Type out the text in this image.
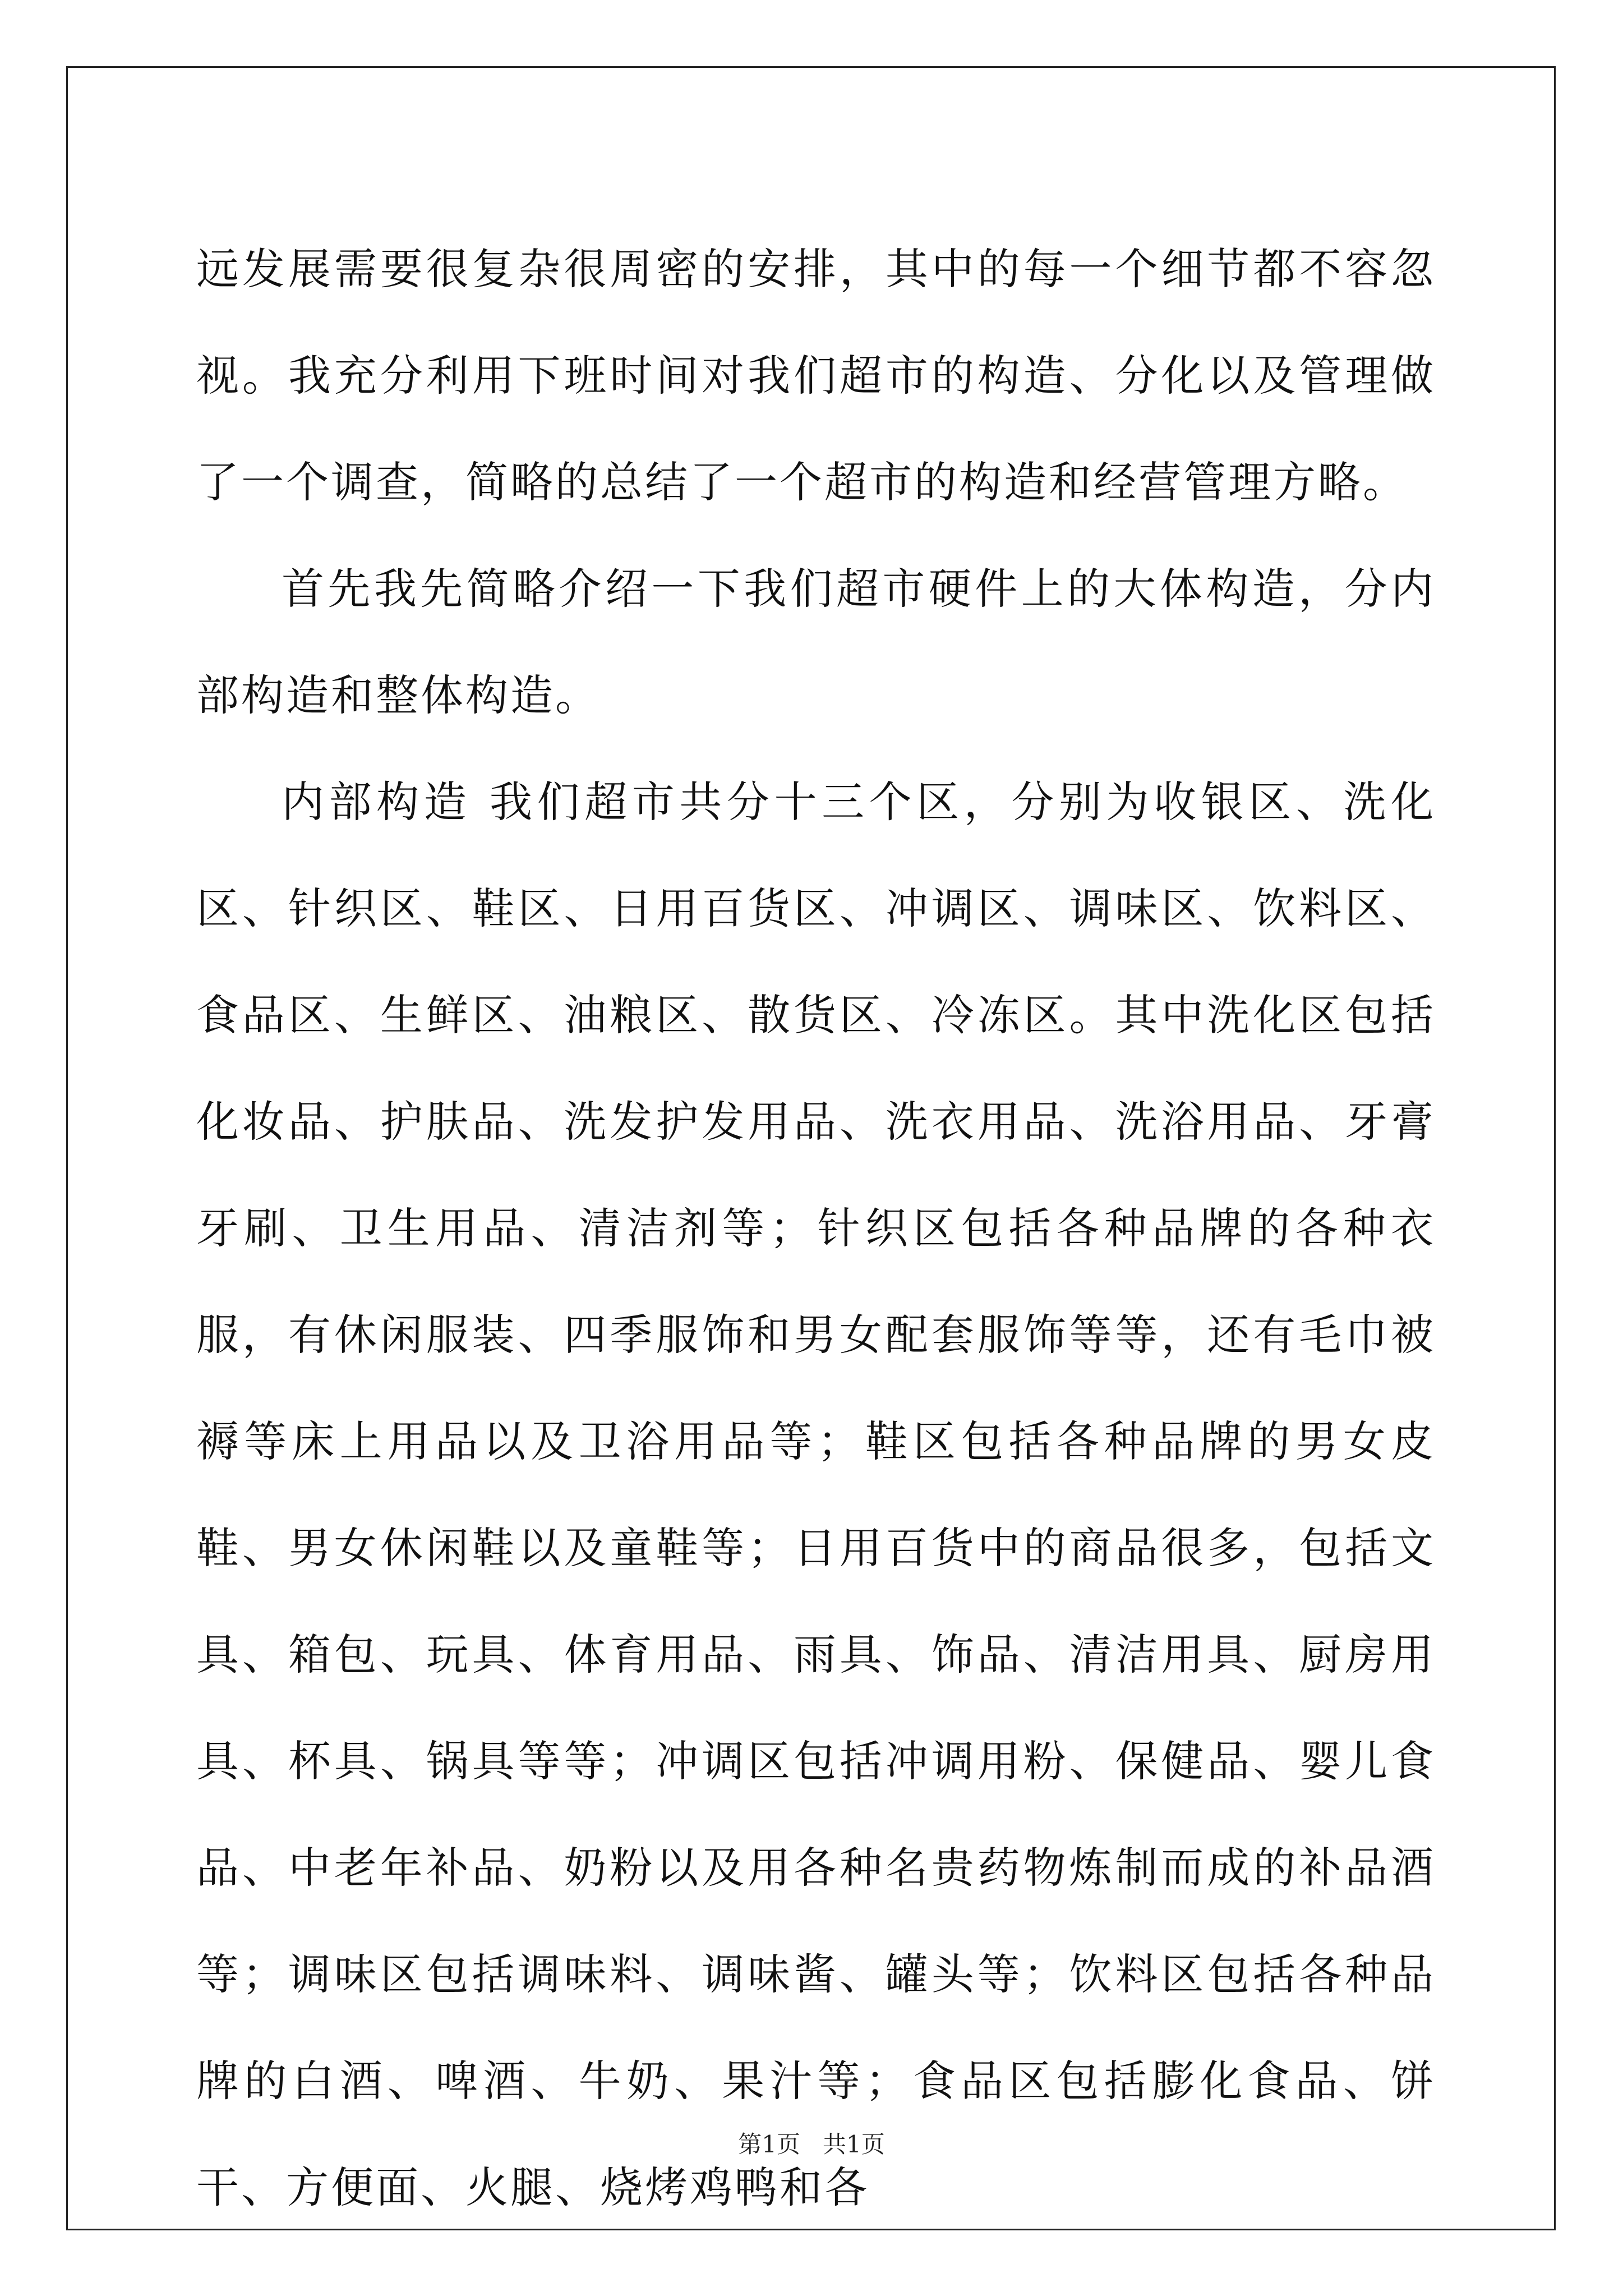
远发展需要很复杂很周密的安排，其中的每一个细节都不容忽视。我充分利用下班时间对我们超市的构造、分化以及管理做了一个调查，简略的总结了一个超市的构造和经营管理方略。

首先我先简略介绍一下我们超市硬件上的大体构造，分内部构造和整体构造。

内部构造 我们超市共分十三个区，分别为收银区、洗化区、针织区、鞋区、日用百货区、冲调区、调味区、饮料区、食品区、生鲜区、油粮区、散货区、冷冻区。其中洗化区包括化妆品、护肤品、洗发护发用品、洗衣用品、洗浴用品、牙膏牙刷、卫生用品、清洁剂等；针织区包括各种品牌的各种衣服，有休闲服装、四季服饰和男女配套服饰等等，还有毛巾被褥等床上用品以及卫浴用品等；鞋区包括各种品牌的男女皮鞋、男女休闲鞋以及童鞋等；日用百货中的商品很多，包括文具、箱包、玩具、体育用品、雨具、饰品、清洁用具、厨房用具、杯具、锅具等等；冲调区包括冲调用粉、保健品、婴儿食品、中老年补品、奶粉以及用各种名贵药物炼制而成的补品酒等；调味区包括调味料、调味酱、罐头等；饮料区包括各种品牌的白酒、啤酒、牛奶、果汁等；食品区包括膨化食品、饼干、方便面、火腿、烧烤鸡鸭和各

第1页   共1页
